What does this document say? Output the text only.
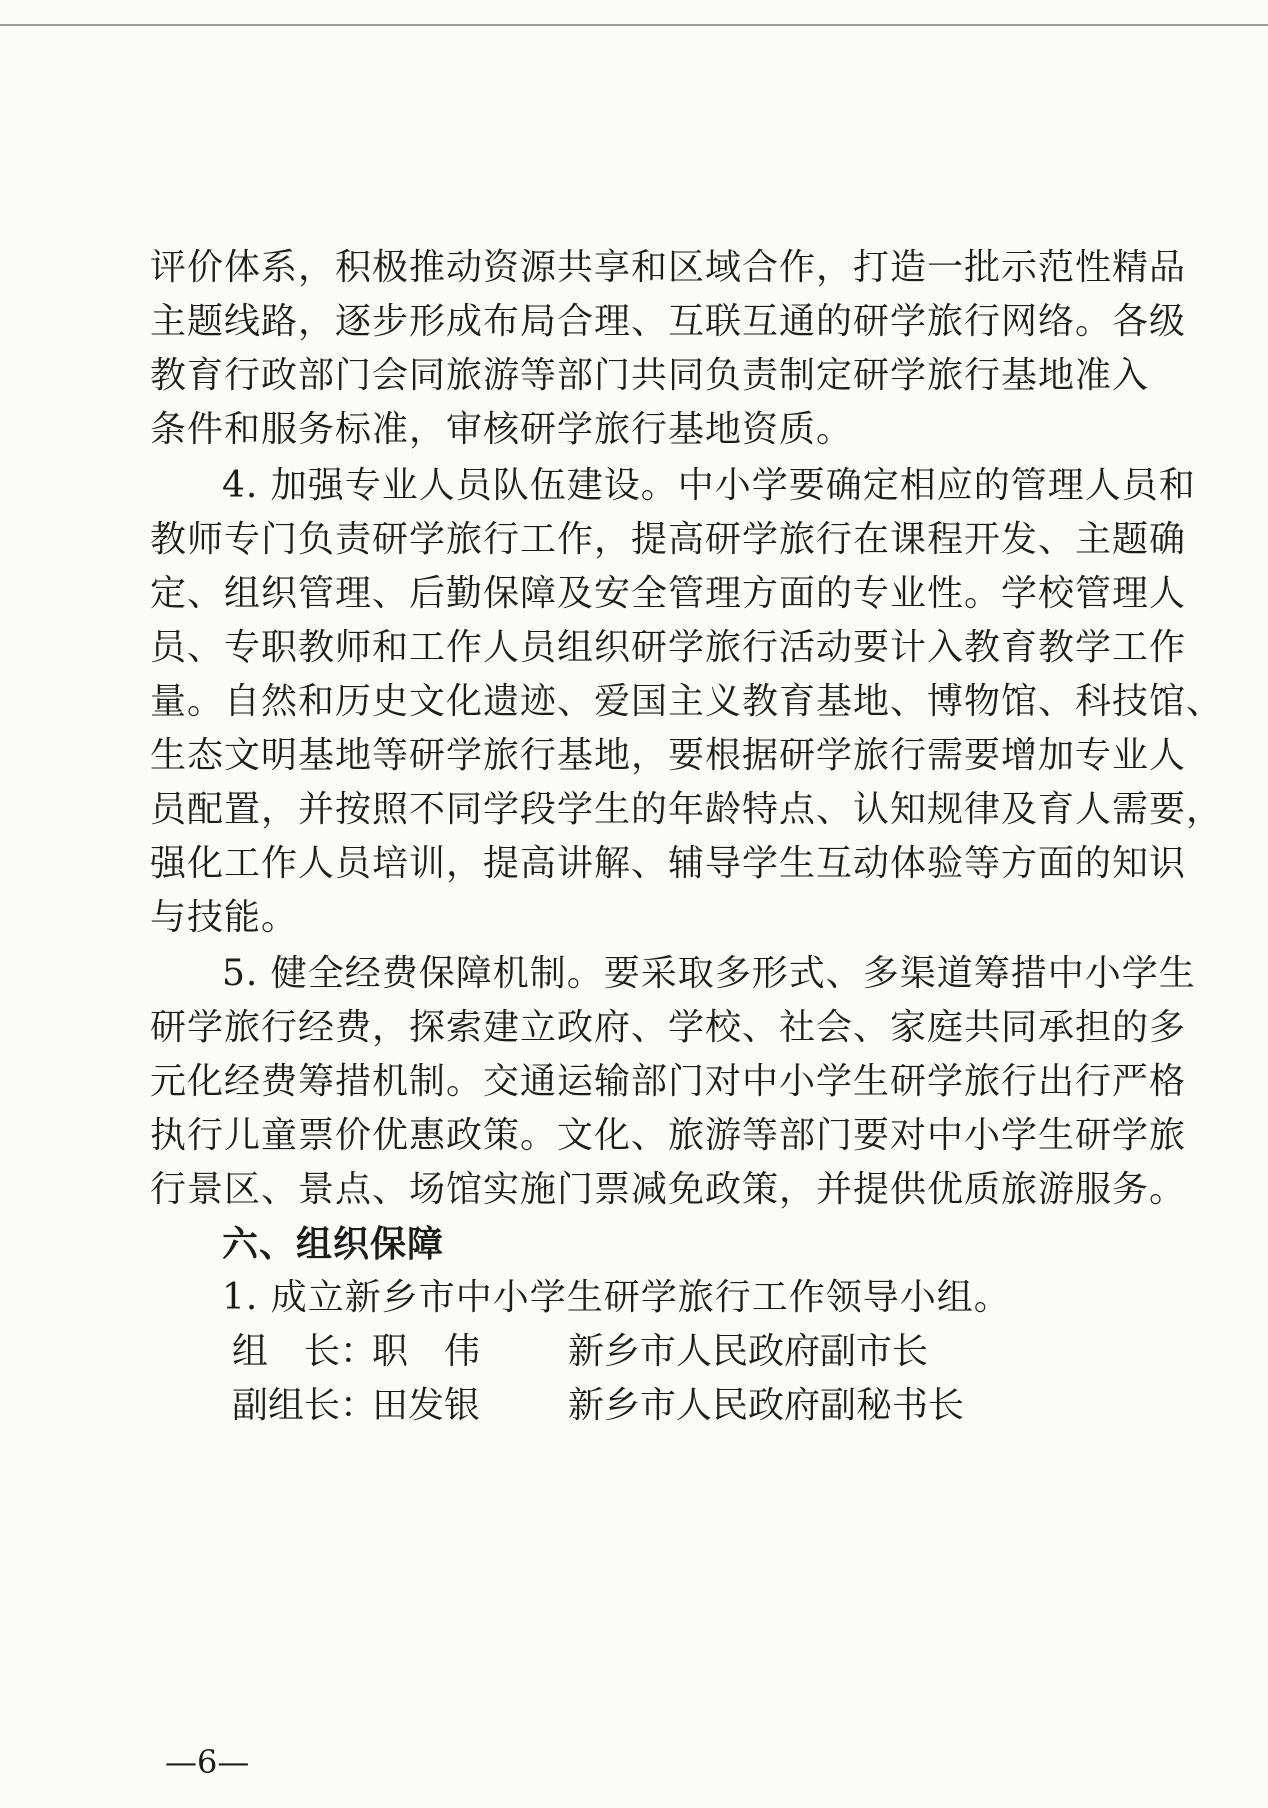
评价体系，积极推动资源共享和区域合作，打造一批示范性精品
主题线路，逐步形成布局合理、互联互通的研学旅行网络。各级
教育行政部门会同旅游等部门共同负责制定研学旅行基地准入
条件和服务标准，审核研学旅行基地资质。
4. 加强专业人员队伍建设。中小学要确定相应的管理人员和
教师专门负责研学旅行工作，提高研学旅行在课程开发、主题确
定、组织管理、后勤保障及安全管理方面的专业性。学校管理人
员、专职教师和工作人员组织研学旅行活动要计入教育教学工作
量。自然和历史文化遗迹、爱国主义教育基地、博物馆、科技馆、
生态文明基地等研学旅行基地，要根据研学旅行需要增加专业人
员配置，并按照不同学段学生的年龄特点、认知规律及育人需要，
强化工作人员培训，提高讲解、辅导学生互动体验等方面的知识
与技能。
5. 健全经费保障机制。要采取多形式、多渠道筹措中小学生
研学旅行经费，探索建立政府、学校、社会、家庭共同承担的多
元化经费筹措机制。交通运输部门对中小学生研学旅行出行严格
执行儿童票价优惠政策。文化、旅游等部门要对中小学生研学旅
行景区、景点、场馆实施门票减免政策，并提供优质旅游服务。
六、组织保障
1. 成立新乡市中小学生研学旅行工作领导小组。
组　长：
职　伟 新乡市人民政府副市长
副组长：
田发银 新乡市人民政府副秘书长
—6—
